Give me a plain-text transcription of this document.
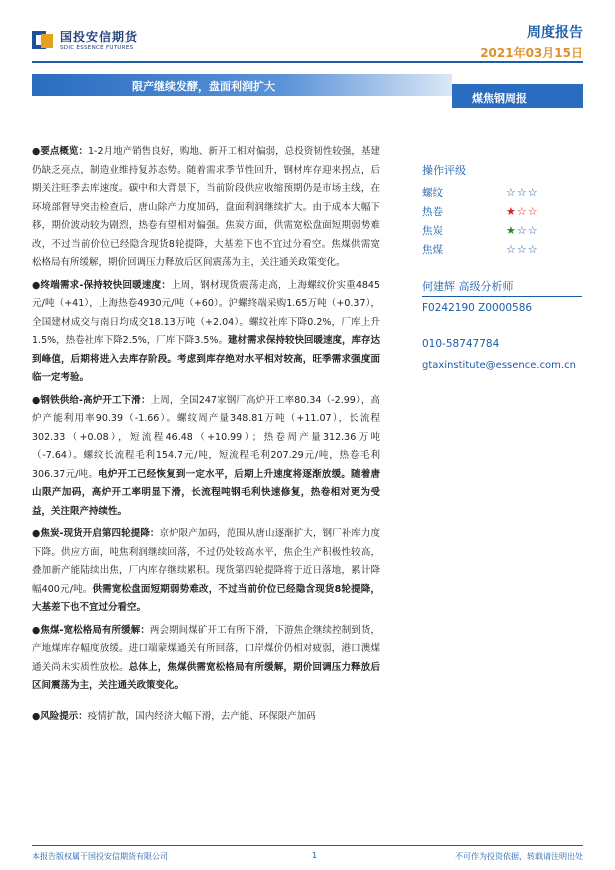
国投安信期货
SDIC ESSENCE FUTURES
周度报告
2021年03月15日
限产继续发酵，盘面利润扩大
煤焦钢周报

●要点概览：1-2月地产销售良好，购地、新开工相对偏弱，总投资韧性较强，基建仍缺乏亮点，制造业维持复苏态势。随着需求季节性回升，钢材库存迎来拐点，后期关注旺季去库速度。碳中和大背景下，当前阶段供应收缩预期仍是市场主线，在环境部督导突击检查后，唐山除产力度加码，盘面利润继续扩大。由于成本大幅下移，期价波动较为剧烈，热卷有望相对偏强。焦炭方面，供需宽松盘面短期弱势难改，不过当前价位已经隐含现货8轮提降，大基差下也不宜过分看空。焦煤供需宽松格局有所缓解，期价回调压力释放后区间震荡为主，关注通关政策变化。

●终端需求-保持较快回暖速度：上周，钢材现货震荡走高，上海螺纹价实重4845元/吨（+41），上海热卷4930元/吨（+60）。沪螺终端采购1.65万吨（+0.37），全国建材成交与南日均成交18.13万吨（+2.04）。螺纹社库下降0.2%，厂库上升1.5%，热卷社库下降2.5%，厂库下降3.5%。建材需求保持较快回暖速度，库存达到峰值，后期将进入去库存阶段。考虑到库存绝对水平相对较高，旺季需求强度面临一定考验。

●钢铁供给-高炉开工下滑：上周，全国247家钢厂高炉开工率80.34（-2.99），高炉产能利用率90.39（-1.66）。螺纹周产量348.81万吨（+11.07），长流程302.33（+0.08），短流程46.48（+10.99）；热卷周产量312.36万吨（-7.64）。螺纹长流程毛利154.7元/吨，短流程毛利207.29元/吨，热卷毛利306.37元/吨。电炉开工已经恢复到一定水平，后期上升速度将逐渐放缓。随着唐山限产加码，高炉开工率明显下滑，长流程吨钢毛利快速修复，热卷相对更为受益，关注限产持续性。

●焦炭-现货开启第四轮提降：京炉限产加码，范围从唐山逐渐扩大，钢厂补库力度下降。供应方面，吨焦利润继续回落，不过仍处较高水平，焦企生产积极性较高，叠加新产能陆续出焦，厂内库存继续累积。现货第四轮提降将于近日落地，累计降幅400元/吨。供需宽松盘面短期弱势难改，不过当前价位已经隐含现货8轮提降，大基差下也不宜过分看空。

●焦煤-宽松格局有所缓解：两会期间煤矿开工有所下滑，下游焦企继续控制到货，产地煤库存幅度放缓。进口端蒙煤通关有所回落，口岸煤价仍相对疲弱，港口澳煤通关尚未实质性放松。总体上，焦煤供需宽松格局有所缓解，期价回调压力释放后区间震荡为主，关注通关政策变化。

●风险提示：疫情扩散，国内经济大幅下滑，去产能、环保限产加码

操作评级
螺纹	☆☆☆
热卷	★☆☆
焦炭	★☆☆
焦煤	☆☆☆
何建辉 高级分析师
F0242190 Z0000586
010-58747784
gtaxinstitute@essence.com.cn
本报告版权属于国投安信期货有限公司	1	不可作为投资依据，转载请注明出处
